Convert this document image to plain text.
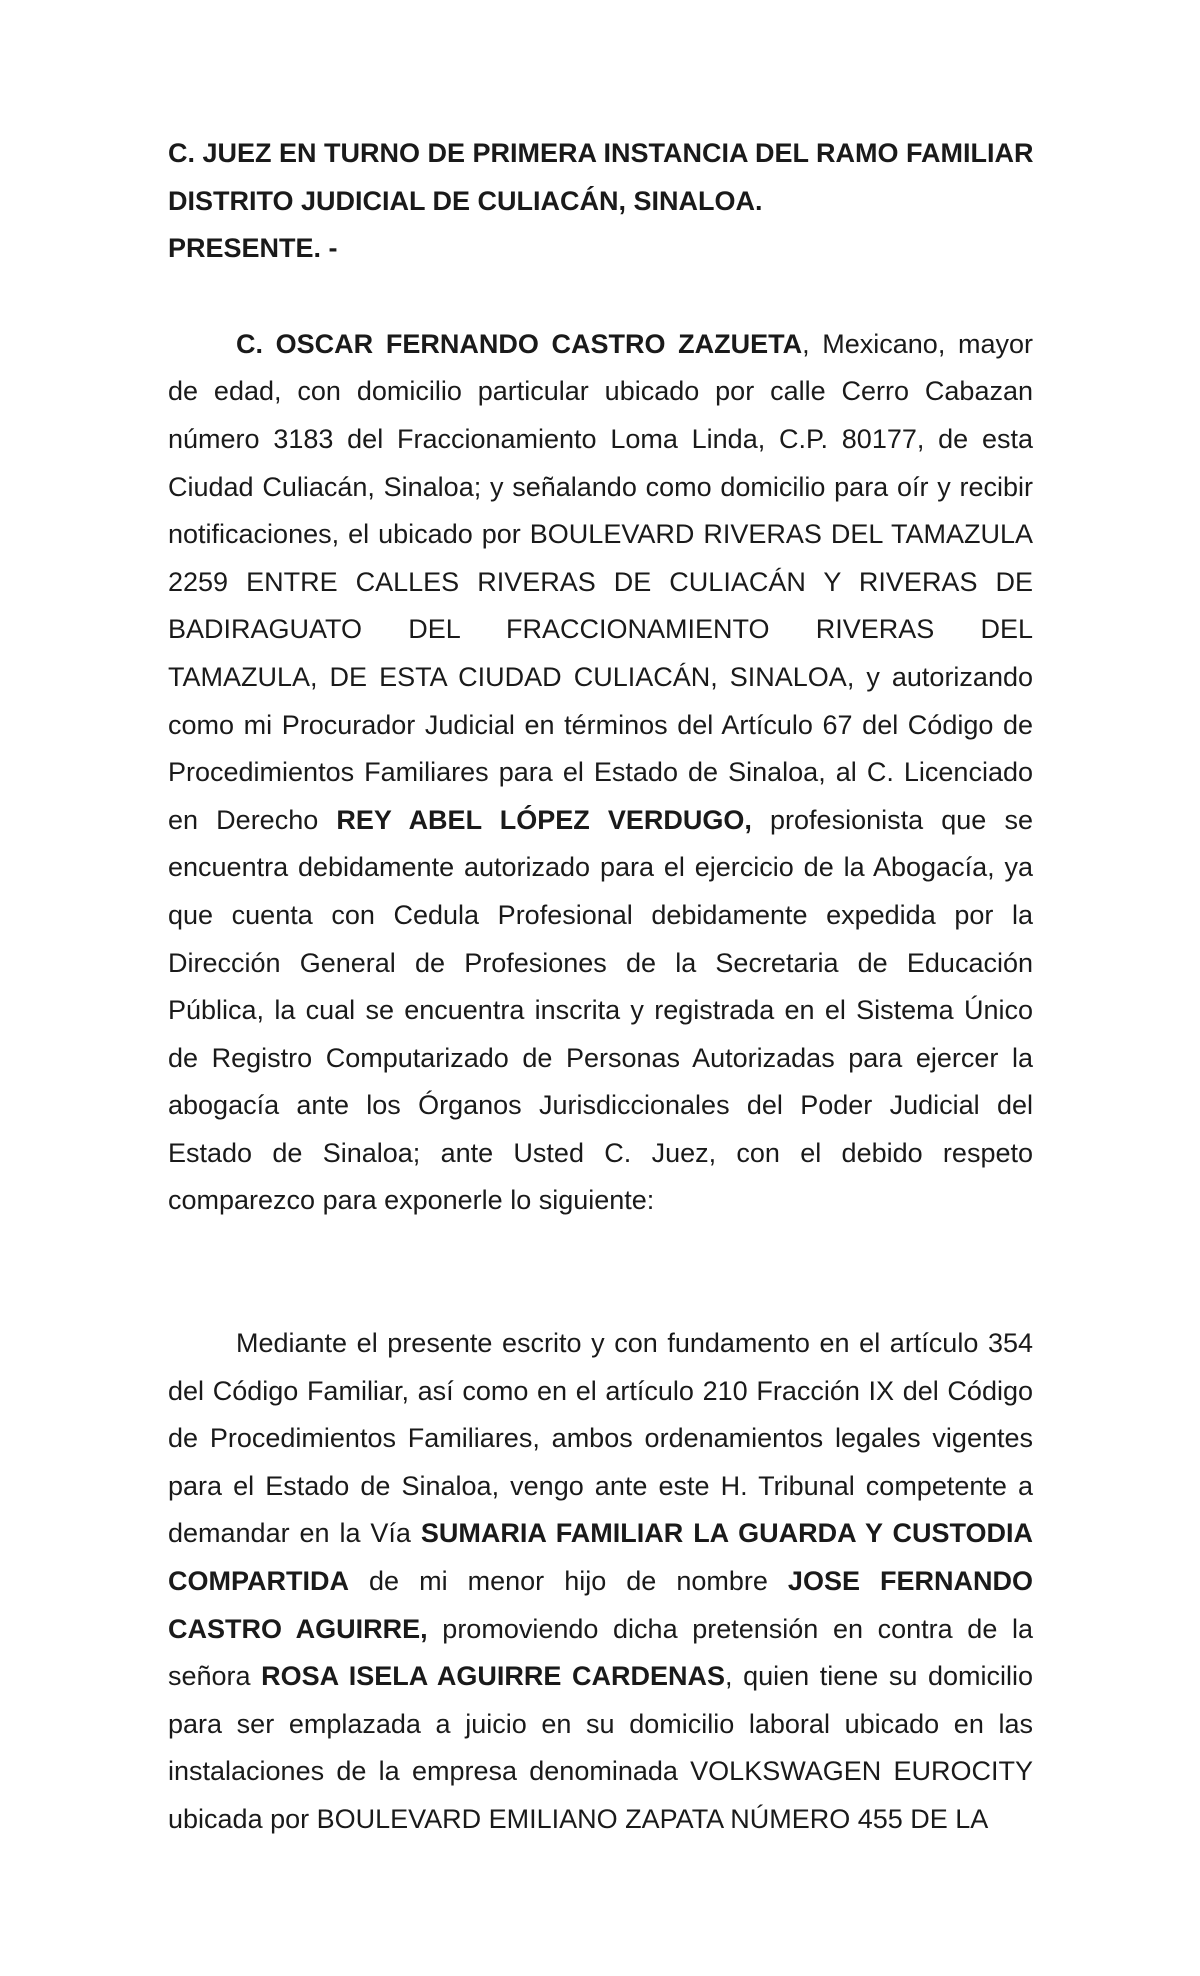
C. JUEZ EN TURNO DE PRIMERA INSTANCIA DEL RAMO FAMILIAR
DISTRITO JUDICIAL DE CULIACÁN, SINALOA.
PRESENTE. -

C. OSCAR FERNANDO CASTRO ZAZUETA, Mexicano, mayor de edad, con domicilio particular ubicado por calle Cerro Cabazan número 3183 del Fraccionamiento Loma Linda, C.P. 80177, de esta Ciudad Culiacán, Sinaloa; y señalando como domicilio para oír y recibir notificaciones, el ubicado por BOULEVARD RIVERAS DEL TAMAZULA 2259 ENTRE CALLES RIVERAS DE CULIACÁN Y RIVERAS DE BADIRAGUATO DEL FRACCIONAMIENTO RIVERAS DEL TAMAZULA, DE ESTA CIUDAD CULIACÁN, SINALOA, y autorizando como mi Procurador Judicial en términos del Artículo 67 del Código de Procedimientos Familiares para el Estado de Sinaloa, al C. Licenciado en Derecho REY ABEL LÓPEZ VERDUGO, profesionista que se encuentra debidamente autorizado para el ejercicio de la Abogacía, ya que cuenta con Cedula Profesional debidamente expedida por la Dirección General de Profesiones de la Secretaria de Educación Pública, la cual se encuentra inscrita y registrada en el Sistema Único de Registro Computarizado de Personas Autorizadas para ejercer la abogacía ante los Órganos Jurisdiccionales del Poder Judicial del Estado de Sinaloa; ante Usted C. Juez, con el debido respeto comparezco para exponerle lo siguiente:

Mediante el presente escrito y con fundamento en el artículo 354 del Código Familiar, así como en el artículo 210 Fracción IX del Código de Procedimientos Familiares, ambos ordenamientos legales vigentes para el Estado de Sinaloa, vengo ante este H. Tribunal competente a demandar en la Vía SUMARIA FAMILIAR LA GUARDA Y CUSTODIA COMPARTIDA de mi menor hijo de nombre JOSE FERNANDO CASTRO AGUIRRE, promoviendo dicha pretensión en contra de la señora ROSA ISELA AGUIRRE CARDENAS, quien tiene su domicilio para ser emplazada a juicio en su domicilio laboral ubicado en las instalaciones de la empresa denominada VOLKSWAGEN EUROCITY ubicada por BOULEVARD EMILIANO ZAPATA NÚMERO 455 DE LA
